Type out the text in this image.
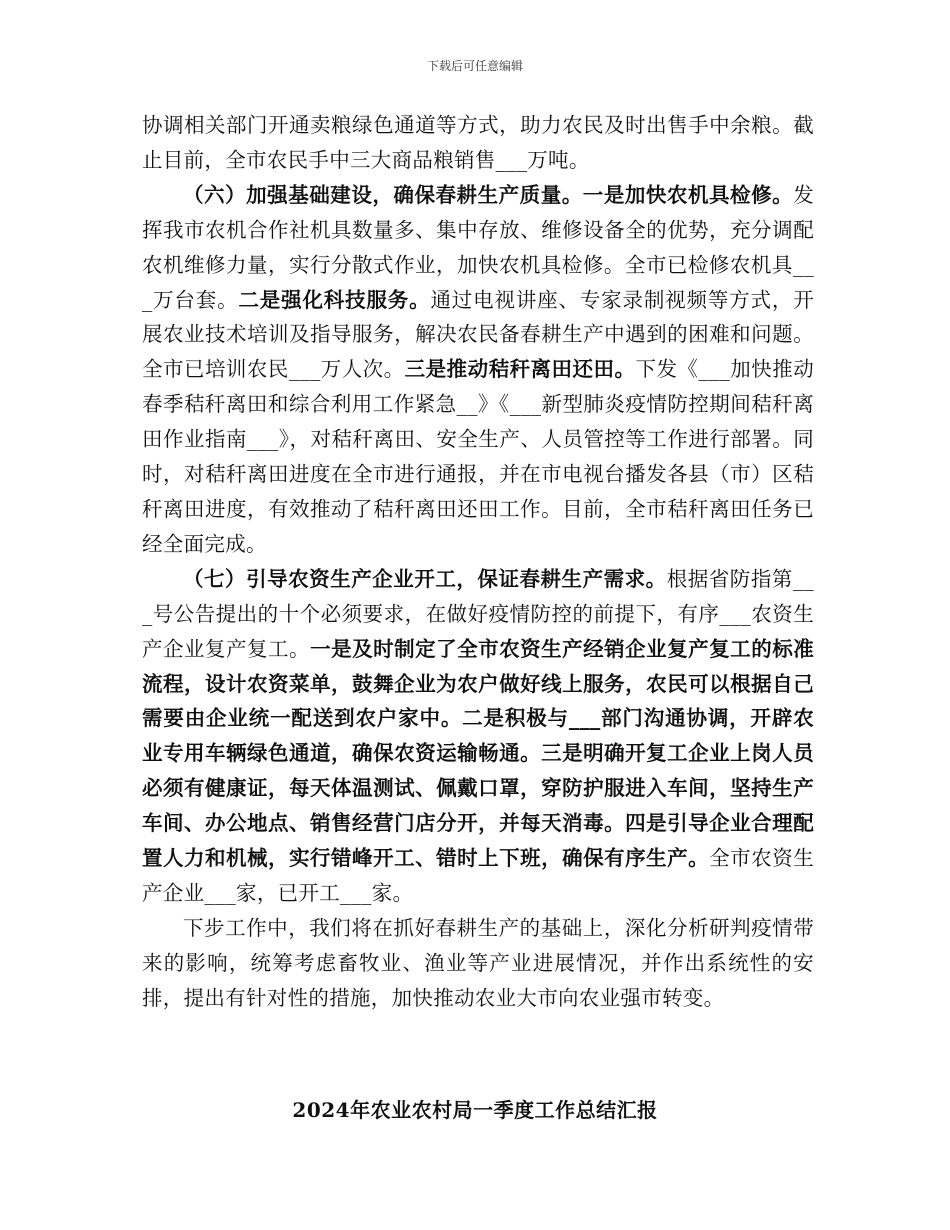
下载后可任意编辑

协调相关部门开通卖粮绿色通道等方式，助力农民及时出售手中余粮。截止目前，全市农民手中三大商品粮销售___万吨。

（六）加强基础建设，确保春耕生产质量。一是加快农机具检修。发挥我市农机合作社机具数量多、集中存放、维修设备全的优势，充分调配农机维修力量，实行分散式作业，加快农机具检修。全市已检修农机具___万台套。二是强化科技服务。通过电视讲座、专家录制视频等方式，开展农业技术培训及指导服务，解决农民备春耕生产中遇到的困难和问题。全市已培训农民___万人次。三是推动秸秆离田还田。下发《___加快推动春季秸秆离田和综合利用工作紧急__》《___新型肺炎疫情防控期间秸秆离田作业指南___》，对秸秆离田、安全生产、人员管控等工作进行部署。同时，对秸秆离田进度在全市进行通报，并在市电视台播发各县（市）区秸秆离田进度，有效推动了秸秆离田还田工作。目前，全市秸秆离田任务已经全面完成。

（七）引导农资生产企业开工，保证春耕生产需求。根据省防指第___号公告提出的十个必须要求，在做好疫情防控的前提下，有序___农资生产企业复产复工。一是及时制定了全市农资生产经销企业复产复工的标准流程，设计农资菜单，鼓舞企业为农户做好线上服务，农民可以根据自己需要由企业统一配送到农户家中。二是积极与___部门沟通协调，开辟农业专用车辆绿色通道，确保农资运输畅通。三是明确开复工企业上岗人员必须有健康证，每天体温测试、佩戴口罩，穿防护服进入车间，坚持生产车间、办公地点、销售经营门店分开，并每天消毒。四是引导企业合理配置人力和机械，实行错峰开工、错时上下班，确保有序生产。全市农资生产企业___家，已开工___家。

下步工作中，我们将在抓好春耕生产的基础上，深化分析研判疫情带来的影响，统筹考虑畜牧业、渔业等产业进展情况，并作出系统性的安排，提出有针对性的措施，加快推动农业大市向农业强市转变。

2024年农业农村局一季度工作总结汇报
